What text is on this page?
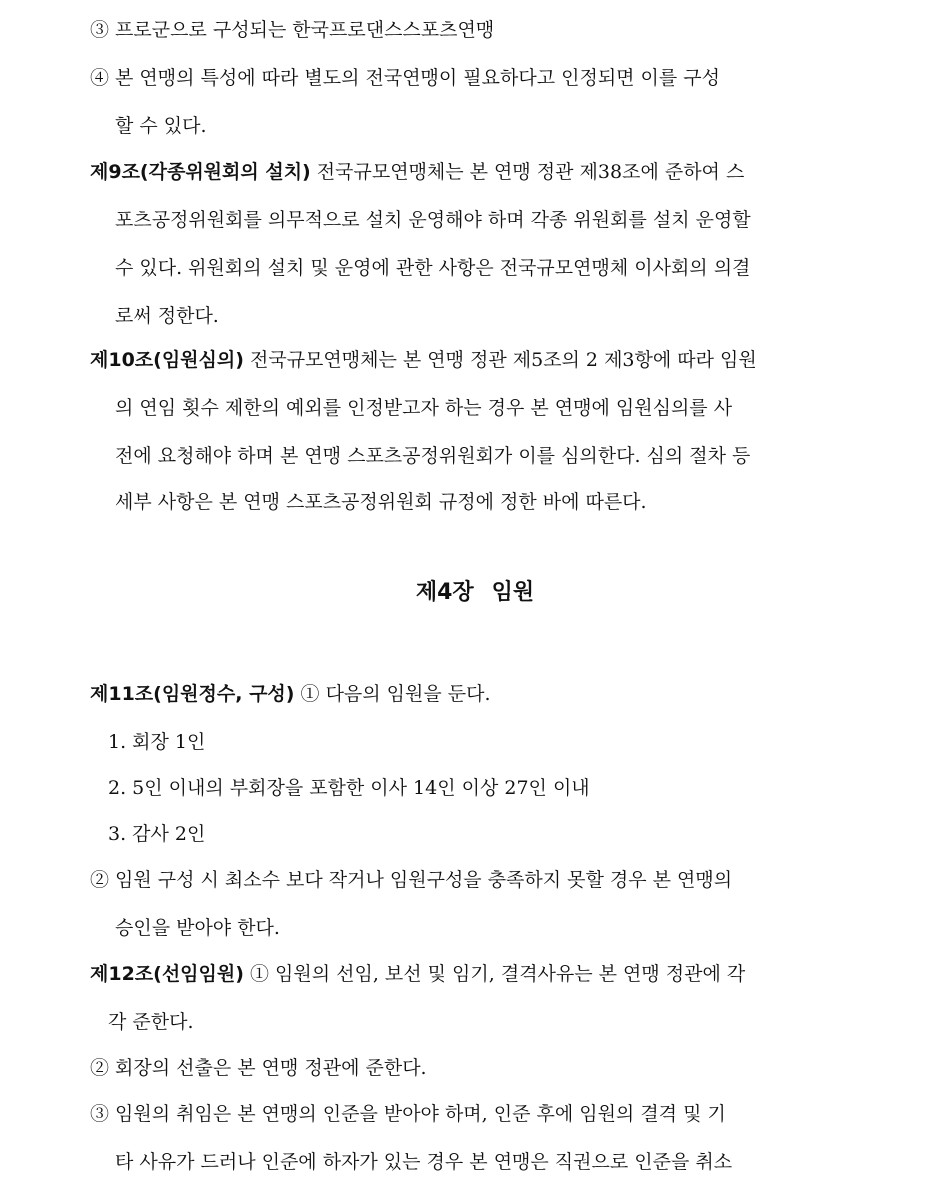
③ 프로군으로 구성되는 한국프로댄스스포츠연맹
④ 본 연맹의 특성에 따라 별도의 전국연맹이 필요하다고 인정되면 이를 구성
할 수 있다.
제9조(각종위원회의 설치) 전국규모연맹체는 본 연맹 정관 제38조에 준하여 스
포츠공정위원회를 의무적으로 설치 운영해야 하며 각종 위원회를 설치 운영할
수 있다. 위원회의 설치 및 운영에 관한 사항은 전국규모연맹체 이사회의 의결
로써 정한다.
제10조(임원심의) 전국규모연맹체는 본 연맹 정관 제5조의 2 제3항에 따라 임원
의 연임 횟수 제한의 예외를 인정받고자 하는 경우 본 연맹에 임원심의를 사
전에 요청해야 하며 본 연맹 스포츠공정위원회가 이를 심의한다. 심의 절차 등
세부 사항은 본 연맹 스포츠공정위원회 규정에 정한 바에 따른다.
제4장 임원
제11조(임원정수, 구성) ① 다음의 임원을 둔다.
1. 회장 1인
2. 5인 이내의 부회장을 포함한 이사 14인 이상 27인 이내
3. 감사 2인
② 임원 구성 시 최소수 보다 작거나 임원구성을 충족하지 못할 경우 본 연맹의
승인을 받아야 한다.
제12조(선임임원) ① 임원의 선임, 보선 및 임기, 결격사유는 본 연맹 정관에 각
각 준한다.
② 회장의 선출은 본 연맹 정관에 준한다.
③ 임원의 취임은 본 연맹의 인준을 받아야 하며, 인준 후에 임원의 결격 및 기
타 사유가 드러나 인준에 하자가 있는 경우 본 연맹은 직권으로 인준을 취소
